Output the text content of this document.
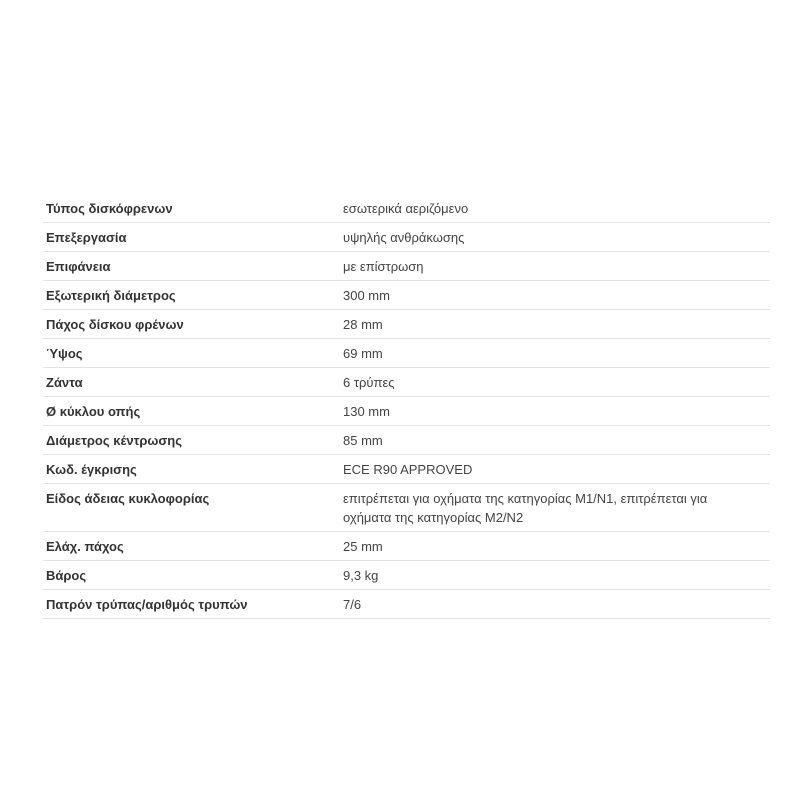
Τύπος δισκόφρενων	εσωτερικά αεριζόμενο
Επεξεργασία	υψηλής ανθράκωσης
Επιφάνεια	με επίστρωση
Εξωτερική διάμετρος	300 mm
Πάχος δίσκου φρένων	28 mm
Ύψος	69 mm
Ζάντα	6 τρύπες
Ø κύκλου οπής	130 mm
Διάμετρος κέντρωσης	85 mm
Κωδ. έγκρισης	ECE R90 APPROVED
Είδος άδειας κυκλοφορίας	επιτρέπεται για οχήματα της κατηγορίας M1/N1, επιτρέπεται για οχήματα της κατηγορίας M2/N2
Ελάχ. πάχος	25 mm
Βάρος	9,3 kg
Πατρόν τρύπας/αριθμός τρυπών	7/6
